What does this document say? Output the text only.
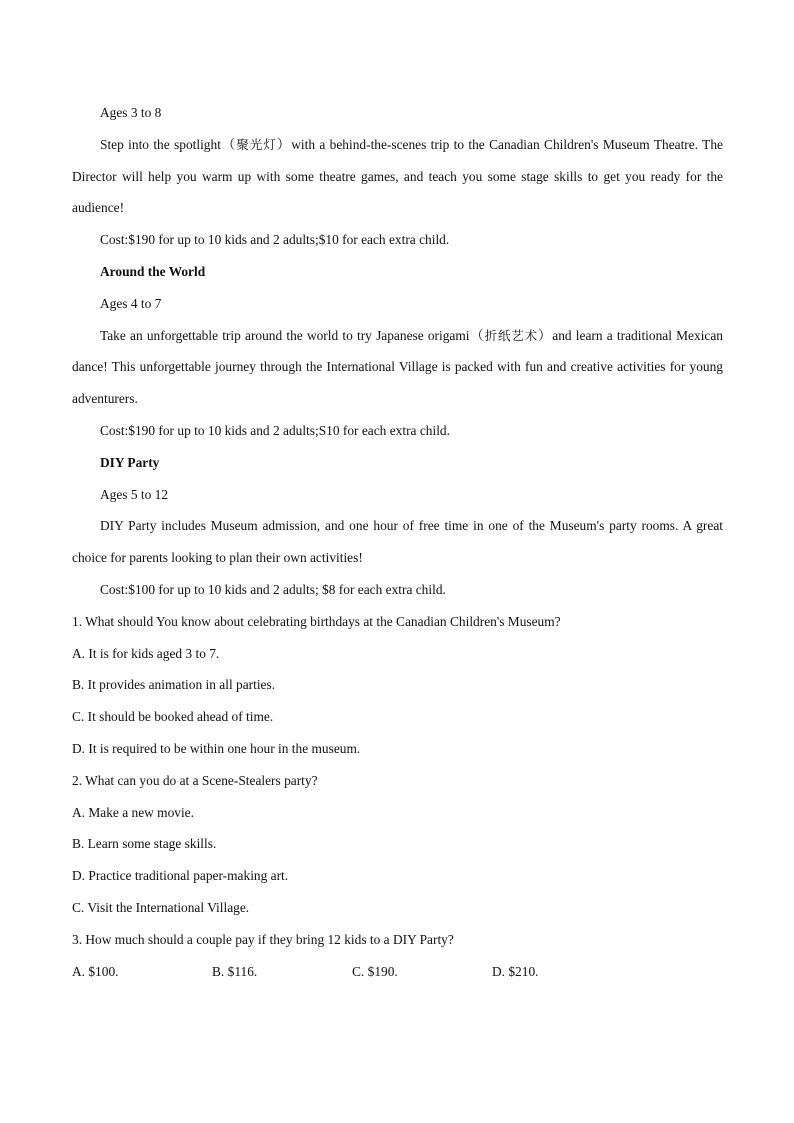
Ages 3 to 8

Step into the spotlight（聚光灯）with a behind-the-scenes trip to the Canadian Children's Museum Theatre. The Director will help you warm up with some theatre games, and teach you some stage skills to get you ready for the audience!

Cost:$190 for up to 10 kids and 2 adults;$10 for each extra child.

Around the World

Ages 4 to 7

Take an unforgettable trip around the world to try Japanese origami（折纸艺术）and learn a traditional Mexican dance! This unforgettable journey through the International Village is packed with fun and creative activities for young adventurers.

Cost:$190 for up to 10 kids and 2 adults;S10 for each extra child.

DIY Party

Ages 5 to 12

DIY Party includes Museum admission, and one hour of free time in one of the Museum's party rooms. A great choice for parents looking to plan their own activities!

Cost:$100 for up to 10 kids and 2 adults; $8 for each extra child.

1. What should You know about celebrating birthdays at the Canadian Children's Museum?

A. It is for kids aged 3 to 7.

B. It provides animation in all parties.

C. It should be booked ahead of time.

D. It is required to be within one hour in the museum.

2. What can you do at a Scene-Stealers party?

A. Make a new movie.

B. Learn some stage skills.

D. Practice traditional paper-making art.

C. Visit the International Village.

3. How much should a couple pay if they bring 12 kids to a DIY Party?

A. $100.	B. $116.	C. $190.	D. $210.
